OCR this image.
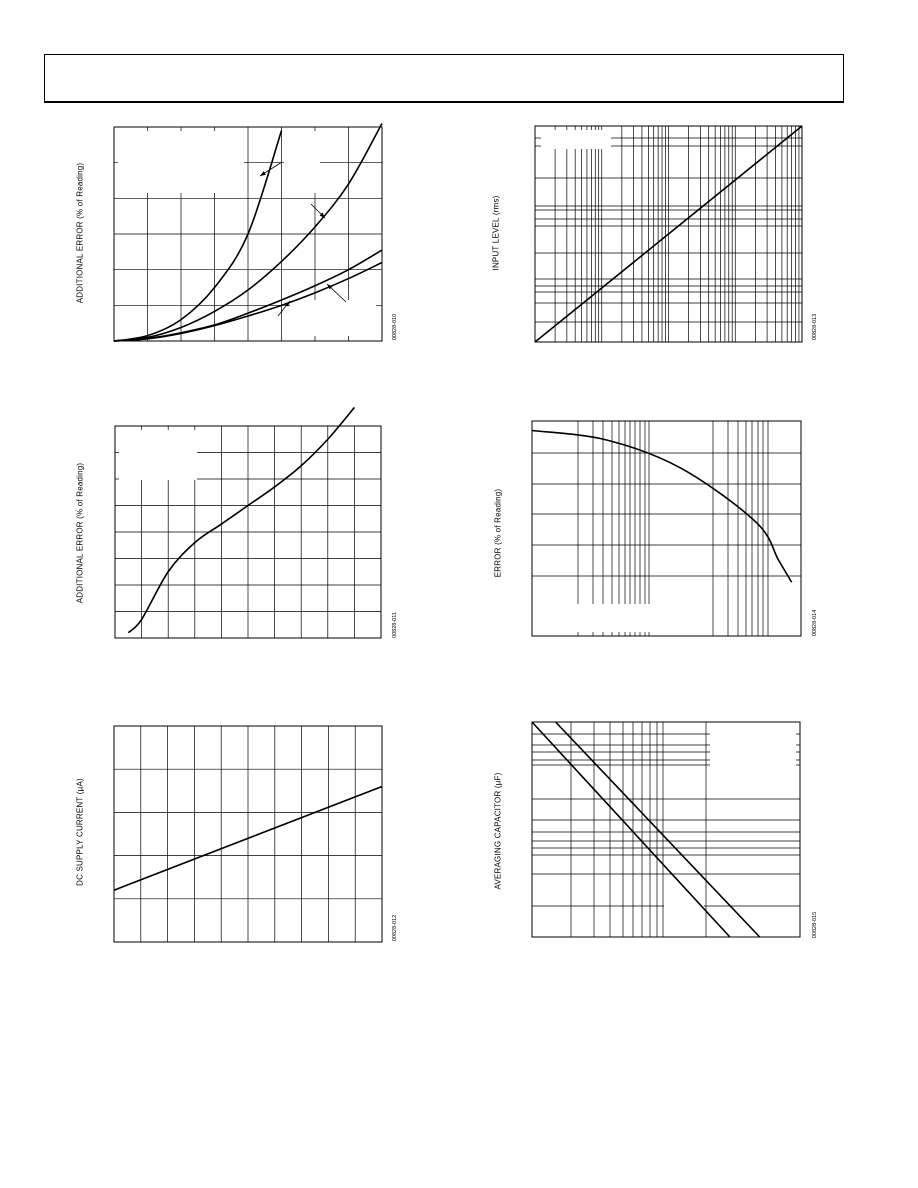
ADDITIONAL ERROR (% of Reading)
00828-010
INPUT LEVEL (rms)
00828-013
ADDITIONAL ERROR (% of Reading)
00828-011
ERROR (% of Reading)
00828-014
DC SUPPLY CURRENT (µA)
00828-012
AVERAGING CAPACITOR (µF)
00828-015
